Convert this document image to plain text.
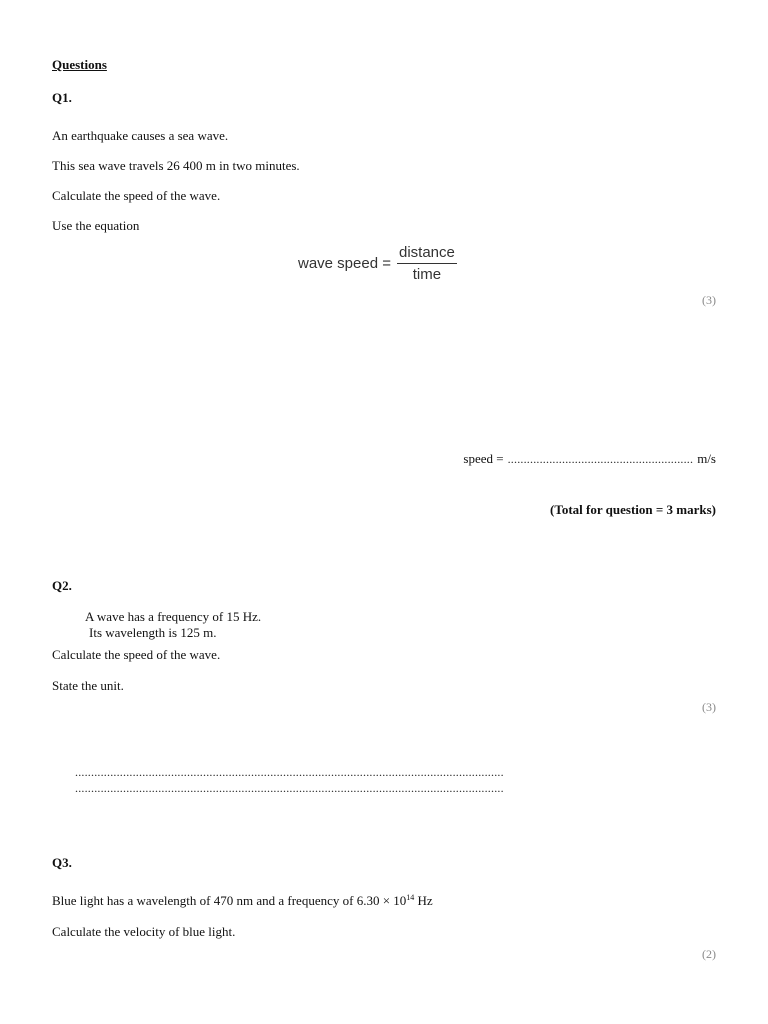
Questions
Q1.
An earthquake causes a sea wave.
This sea wave travels 26 400 m in two minutes.
Calculate the speed of the wave.
Use the equation
wave speed = $\frac{\text{distance}}{\text{time}}$
(3)
speed = .......................................................... m/s
(Total for question = 3 marks)
Q2.
A wave has a frequency of 15 Hz.
Its wavelength is 125 m.
Calculate the speed of the wave.
State the unit.
(3)
......................................................................................................................................
......................................................................................................................................
Q3.
Blue light has a wavelength of 470 nm and a frequency of $6.30 \times 10^{14}$ Hz
Calculate the velocity of blue light.
(2)
